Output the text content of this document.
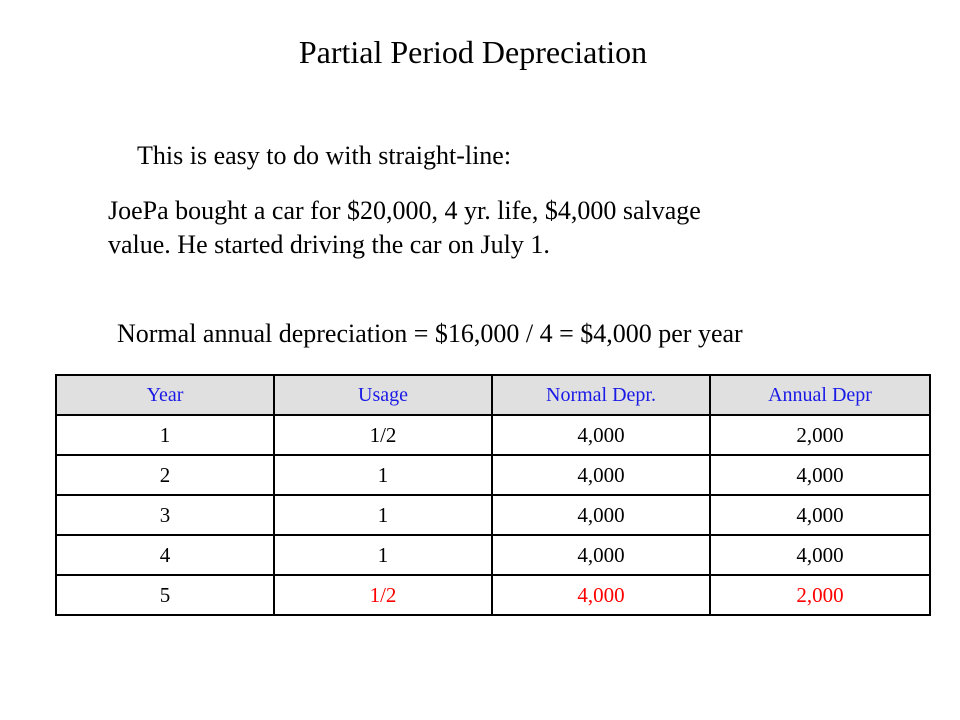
Partial Period Depreciation
This is easy to do with straight-line:
JoePa bought a car for $20,000, 4 yr. life, $4,000 salvage
value. He started driving the car on July 1.
Normal annual depreciation = $16,000 / 4 = $4,000 per year
Year	Usage	Normal Depr.	Annual Depr
1	1/2	4,000	2,000
2	1	4,000	4,000
3	1	4,000	4,000
4	1	4,000	4,000
5	1/2	4,000	2,000
